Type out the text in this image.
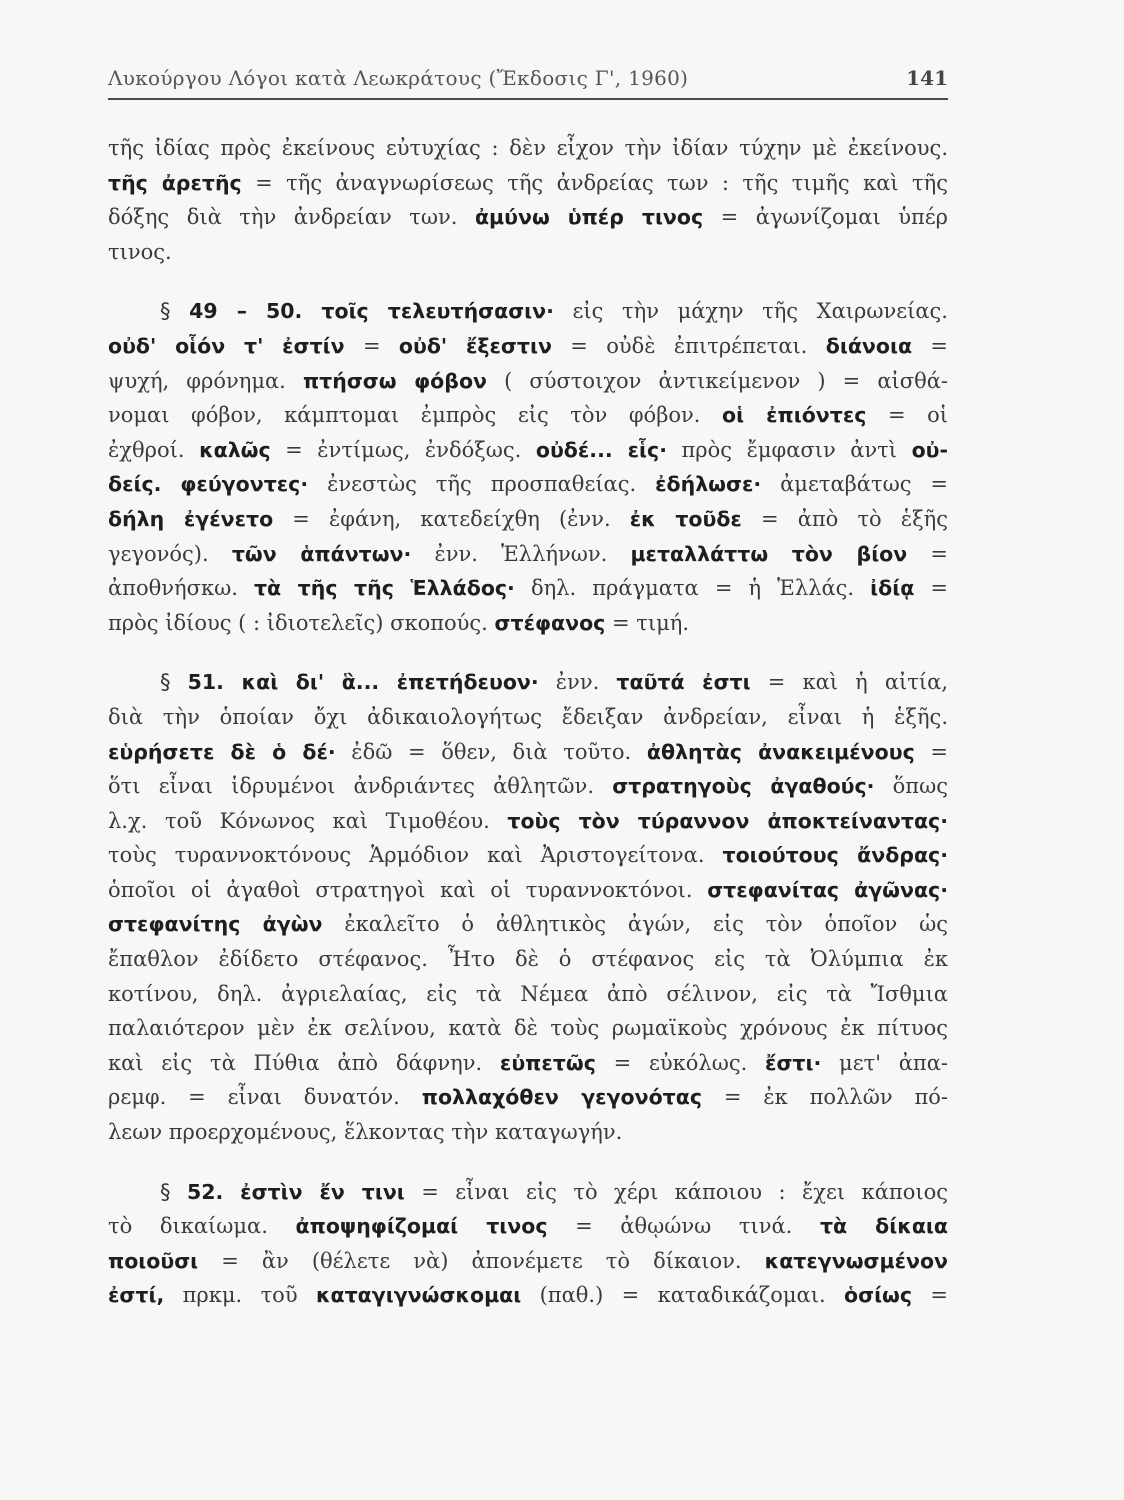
Λυκούργου Λόγοι κατὰ Λεωκράτους (Ἔκδοσις Γ', 1960)	141
τῆς ἰδίας πρὸς ἐκείνους εὐτυχίας : δὲν εἶχον τὴν ἰδίαν τύχην μὲ ἐκείνους.
τῆς ἀρετῆς = τῆς ἀναγνωρίσεως τῆς ἀνδρείας των : τῆς τιμῆς καὶ τῆς
δόξης διὰ τὴν ἀνδρείαν των. ἀμύνω ὑπέρ τινος = ἀγωνίζομαι ὑπέρ
τινος.
§ 49 – 50. τοῖς τελευτήσασιν· εἰς τὴν μάχην τῆς Χαιρωνείας.
οὐδ' οἷόν τ' ἐστίν = οὐδ' ἔξεστιν = οὐδὲ ἐπιτρέπεται. διάνοια =
ψυχή, φρόνημα. πτήσσω φόβον ( σύστοιχον ἀντικείμενον ) = αἰσθά-
νομαι φόβον, κάμπτομαι ἐμπρὸς εἰς τὸν φόβον. οἱ ἐπιόντες = οἱ
ἐχθροί. καλῶς = ἐντίμως, ἐνδόξως. οὐδέ... εἷς· πρὸς ἔμφασιν ἀντὶ οὐ-
δείς. φεύγοντες· ἐνεστὼς τῆς προσπαθείας. ἐδήλωσε· ἀμεταβάτως =
δήλη ἐγένετο = ἐφάνη, κατεδείχθη (ἐνν. ἐκ τοῦδε = ἀπὸ τὸ ἑξῆς
γεγονός). τῶν ἁπάντων· ἐνν. Ἑλλήνων. μεταλλάττω τὸν βίον =
ἀποθνήσκω. τὰ τῆς τῆς Ἑλλάδος· δηλ. πράγματα = ἡ Ἑλλάς. ἰδίᾳ =
πρὸς ἰδίους ( : ἰδιοτελεῖς) σκοπούς. στέφανος = τιμή.
§ 51. καὶ δι' ἃ... ἐπετήδευον· ἐνν. ταῦτά ἐστι = καὶ ἡ αἰτία,
διὰ τὴν ὁποίαν ὄχι ἀδικαιολογήτως ἔδειξαν ἀνδρείαν, εἶναι ἡ ἑξῆς.
εὑρήσετε δὲ ὁ δέ· ἐδῶ = ὅθεν, διὰ τοῦτο. ἀθλητὰς ἀνακειμένους =
ὅτι εἶναι ἱδρυμένοι ἀνδριάντες ἀθλητῶν. στρατηγοὺς ἀγαθούς· ὅπως
λ.χ. τοῦ Κόνωνος καὶ Τιμοθέου. τοὺς τὸν τύραννον ἀποκτείναντας·
τοὺς τυραννοκτόνους Ἁρμόδιον καὶ Ἀριστογείτονα. τοιούτους ἄνδρας·
ὁποῖοι οἱ ἀγαθοὶ στρατηγοὶ καὶ οἱ τυραννοκτόνοι. στεφανίτας ἀγῶνας·
στεφανίτης ἀγὼν ἐκαλεῖτο ὁ ἀθλητικὸς ἀγών, εἰς τὸν ὁποῖον ὡς
ἔπαθλον ἐδίδετο στέφανος. Ἦτο δὲ ὁ στέφανος εἰς τὰ Ὀλύμπια ἐκ
κοτίνου, δηλ. ἀγριελαίας, εἰς τὰ Νέμεα ἀπὸ σέλινον, εἰς τὰ Ἴσθμια
παλαιότερον μὲν ἐκ σελίνου, κατὰ δὲ τοὺς ρωμαϊκοὺς χρόνους ἐκ πίτυος
καὶ εἰς τὰ Πύθια ἀπὸ δάφνην. εὐπετῶς = εὐκόλως. ἔστι· μετ' ἀπα-
ρεμφ. = εἶναι δυνατόν. πολλαχόθεν γεγονότας = ἐκ πολλῶν πό-
λεων προερχομένους, ἕλκοντας τὴν καταγωγήν.
§ 52. ἐστὶν ἔν τινι = εἶναι εἰς τὸ χέρι κάποιου : ἔχει κάποιος
τὸ δικαίωμα. ἀποψηφίζομαί τινος = ἀθῳώνω τινά. τὰ δίκαια
ποιοῦσι = ἂν (θέλετε νὰ) ἀπονέμετε τὸ δίκαιον. κατεγνωσμένον
ἐστί, πρκμ. τοῦ καταγιγνώσκομαι (παθ.) = καταδικάζομαι. ὁσίως =
